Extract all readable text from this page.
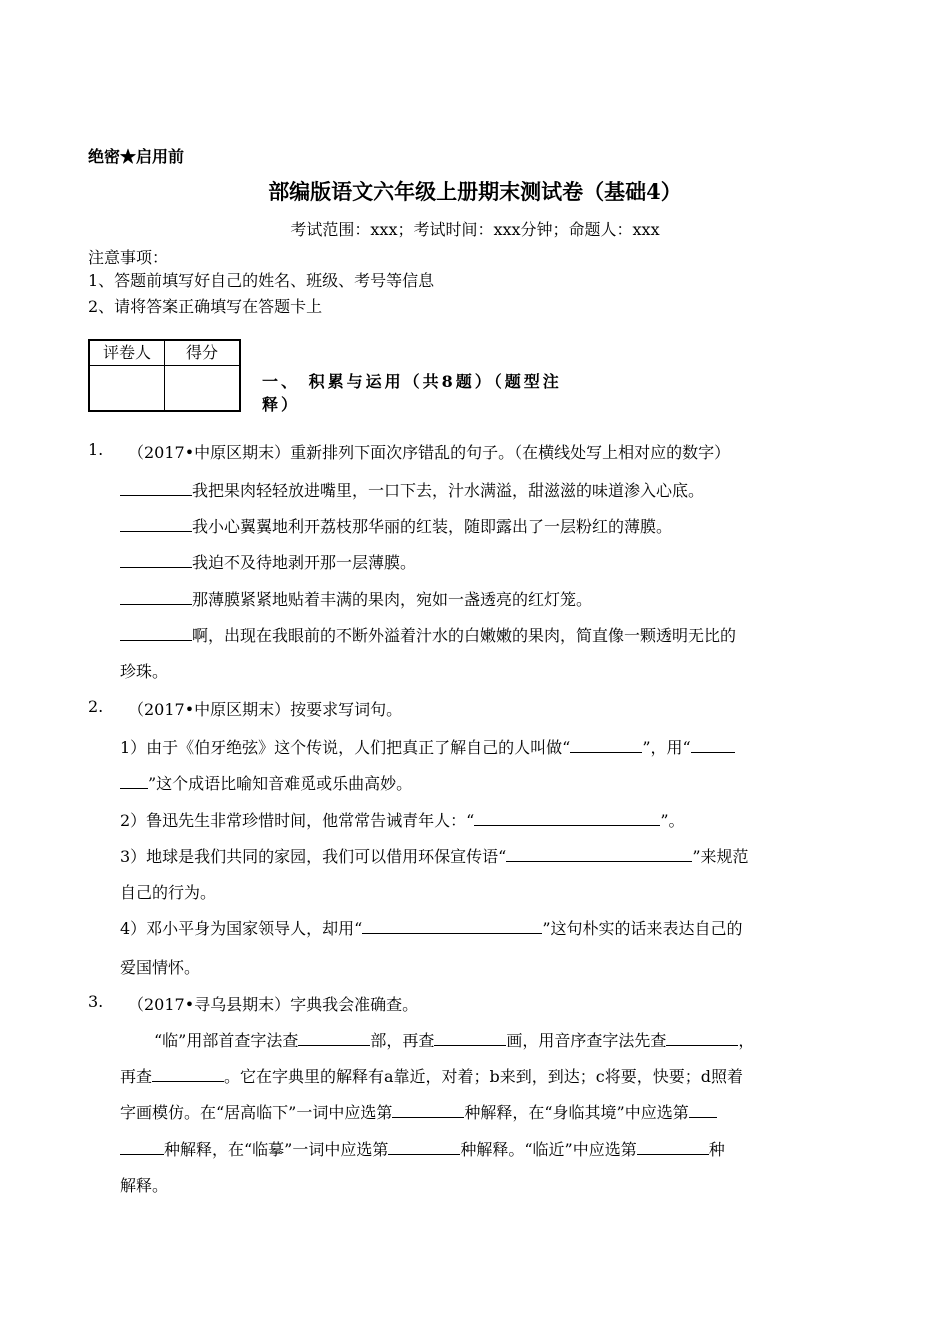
绝密★启用前
部编版语文六年级上册期末测试卷（基础4）
考试范围：xxx；考试时间：xxx分钟；命题人：xxx
注意事项：
1、答题前填写好自己的姓名、班级、考号等信息
2、请将答案正确填写在答题卡上
评卷人	得分

一、 积累与运用（共8题）（题型注
释）
1. （2017•中原区期末）重新排列下面次序错乱的句子。（在横线处写上相对应的数字）
我把果肉轻轻放进嘴里，一口下去，汁水满溢，甜滋滋的味道渗入心底。
我小心翼翼地利开荔枝那华丽的红装，随即露出了一层粉红的薄膜。
我迫不及待地剥开那一层薄膜。
那薄膜紧紧地贴着丰满的果肉，宛如一盏透亮的红灯笼。
啊，出现在我眼前的不断外溢着汁水的白嫩嫩的果肉，简直像一颗透明无比的
珍珠。
2. （2017•中原区期末）按要求写词句。
1）由于《伯牙绝弦》这个传说，人们把真正了解自己的人叫做“	”，用“
”这个成语比喻知音难觅或乐曲高妙。
2）鲁迅先生非常珍惜时间，他常常告诫青年人：“	”。
3）地球是我们共同的家园，我们可以借用环保宣传语“	”来规范
自己的行为。
4）邓小平身为国家领导人，却用“	”这句朴实的话来表达自己的
爱国情怀。
3. （2017•寻乌县期末）字典我会准确查。
“临”用部首查字法查	部，再查	画，用音序查字法先查	，
再查	。它在字典里的解释有a靠近，对着；b来到，到达；c将要，快要；d照着
字画模仿。在“居高临下”一词中应选第	种解释，在“身临其境”中应选第
种解释，在“临摹”一词中应选第	种解释。“临近”中应选第	种
解释。
